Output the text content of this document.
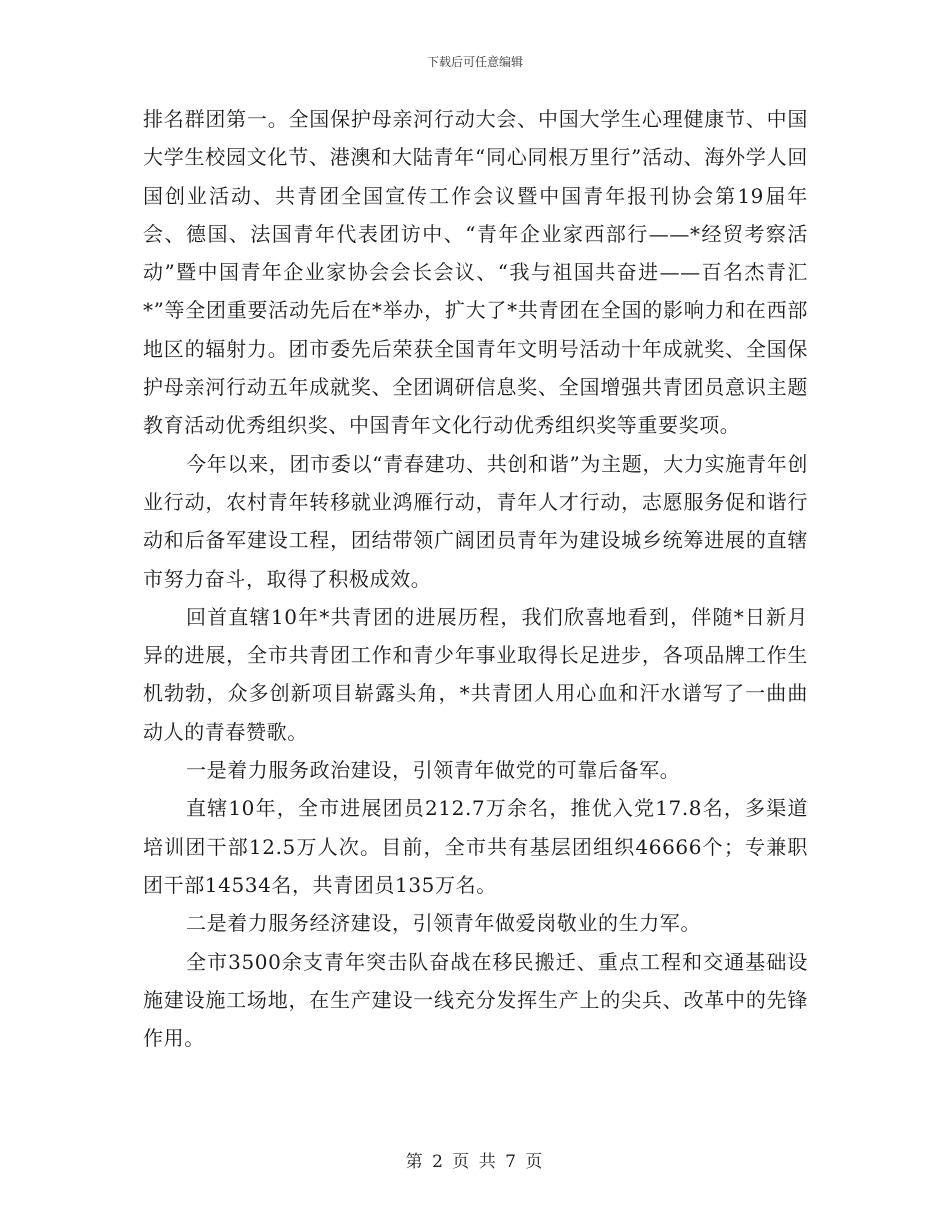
下载后可任意编辑

排名群团第一。全国保护母亲河行动大会、中国大学生心理健康节、中国大学生校园文化节、港澳和大陆青年“同心同根万里行”活动、海外学人回国创业活动、共青团全国宣传工作会议暨中国青年报刊协会第19届年会、德国、法国青年代表团访中、“青年企业家西部行——*经贸考察活动”暨中国青年企业家协会会长会议、“我与祖国共奋进——百名杰青汇*”等全团重要活动先后在*举办，扩大了*共青团在全国的影响力和在西部地区的辐射力。团市委先后荣获全国青年文明号活动十年成就奖、全国保护母亲河行动五年成就奖、全团调研信息奖、全国增强共青团员意识主题教育活动优秀组织奖、中国青年文化行动优秀组织奖等重要奖项。

今年以来，团市委以“青春建功、共创和谐”为主题，大力实施青年创业行动，农村青年转移就业鸿雁行动，青年人才行动，志愿服务促和谐行动和后备军建设工程，团结带领广阔团员青年为建设城乡统筹进展的直辖市努力奋斗，取得了积极成效。

回首直辖10年*共青团的进展历程，我们欣喜地看到，伴随*日新月异的进展，全市共青团工作和青少年事业取得长足进步，各项品牌工作生机勃勃，众多创新项目崭露头角，*共青团人用心血和汗水谱写了一曲曲动人的青春赞歌。

一是着力服务政治建设，引领青年做党的可靠后备军。

直辖10年，全市进展团员212.7万余名，推优入党17.8名，多渠道培训团干部12.5万人次。目前，全市共有基层团组织46666个；专兼职团干部14534名，共青团员135万名。

二是着力服务经济建设，引领青年做爱岗敬业的生力军。

全市3500余支青年突击队奋战在移民搬迁、重点工程和交通基础设施建设施工场地，在生产建设一线充分发挥生产上的尖兵、改革中的先锋作用。

第 2 页 共 7 页
